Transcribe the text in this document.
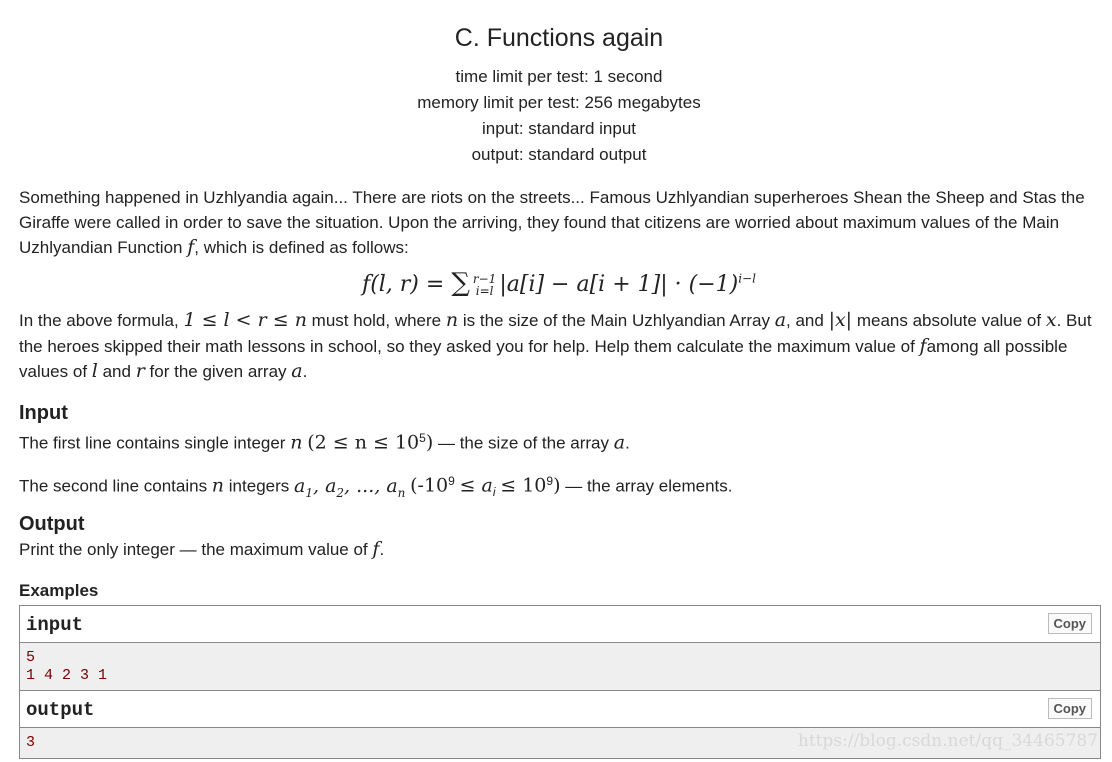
C. Functions again
time limit per test: 1 second
memory limit per test: 256 megabytes
input: standard input
output: standard output
Something happened in Uzhlyandia again... There are riots on the streets... Famous Uzhlyandian superheroes Shean the Sheep and Stas the Giraffe were called in order to save the situation. Upon the arriving, they found that citizens are worried about maximum values of the Main Uzhlyandian Function f, which is defined as follows:
f(l, r) = ∑ r−1
i=l $|a[i] - a[i + 1]| \cdot (-1)^{i-l}$
In the above formula, 1 ≤ l < r ≤ n must hold, where n is the size of the Main Uzhlyandian Array a, and |x| means absolute value of x. But the heroes skipped their math lessons in school, so they asked you for help. Help them calculate the maximum value of famong all possible values of l and r for the given array a.
Input
The first line contains single integer n $(2 \le n \le 10^5)$ — the size of the array a.
The second line contains n integers $a_1$, $a_2$, ..., $a_n$ $(-10^9 \le a_i \le 10^9)$ — the array elements.
Output
Print the only integer — the maximum value of f.
Examples
input	Copy
5
1 4 2 3 1
output	Copy
3	https://blog.csdn.net/qq_34465787
